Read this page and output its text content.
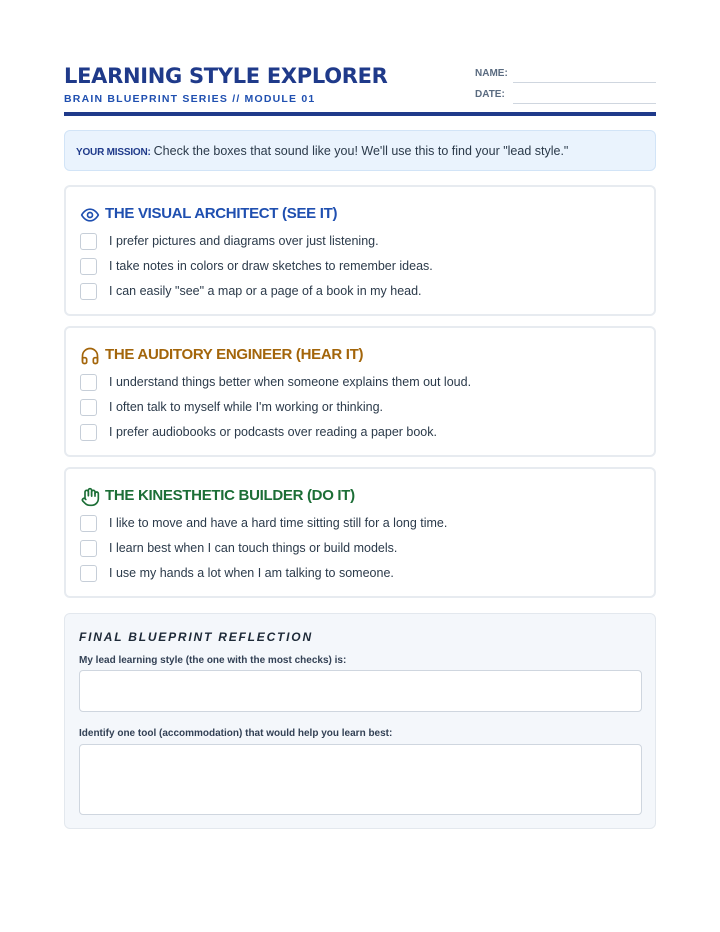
LEARNING STYLE EXPLORER
BRAIN BLUEPRINT SERIES // MODULE 01
NAME:
DATE:
YOUR MISSION: Check the boxes that sound like you! We'll use this to find your "lead style."
THE VISUAL ARCHITECT (SEE IT)
I prefer pictures and diagrams over just listening.
I take notes in colors or draw sketches to remember ideas.
I can easily "see" a map or a page of a book in my head.
THE AUDITORY ENGINEER (HEAR IT)
I understand things better when someone explains them out loud.
I often talk to myself while I'm working or thinking.
I prefer audiobooks or podcasts over reading a paper book.
THE KINESTHETIC BUILDER (DO IT)
I like to move and have a hard time sitting still for a long time.
I learn best when I can touch things or build models.
I use my hands a lot when I am talking to someone.
FINAL BLUEPRINT REFLECTION
My lead learning style (the one with the most checks) is:
Identify one tool (accommodation) that would help you learn best:
